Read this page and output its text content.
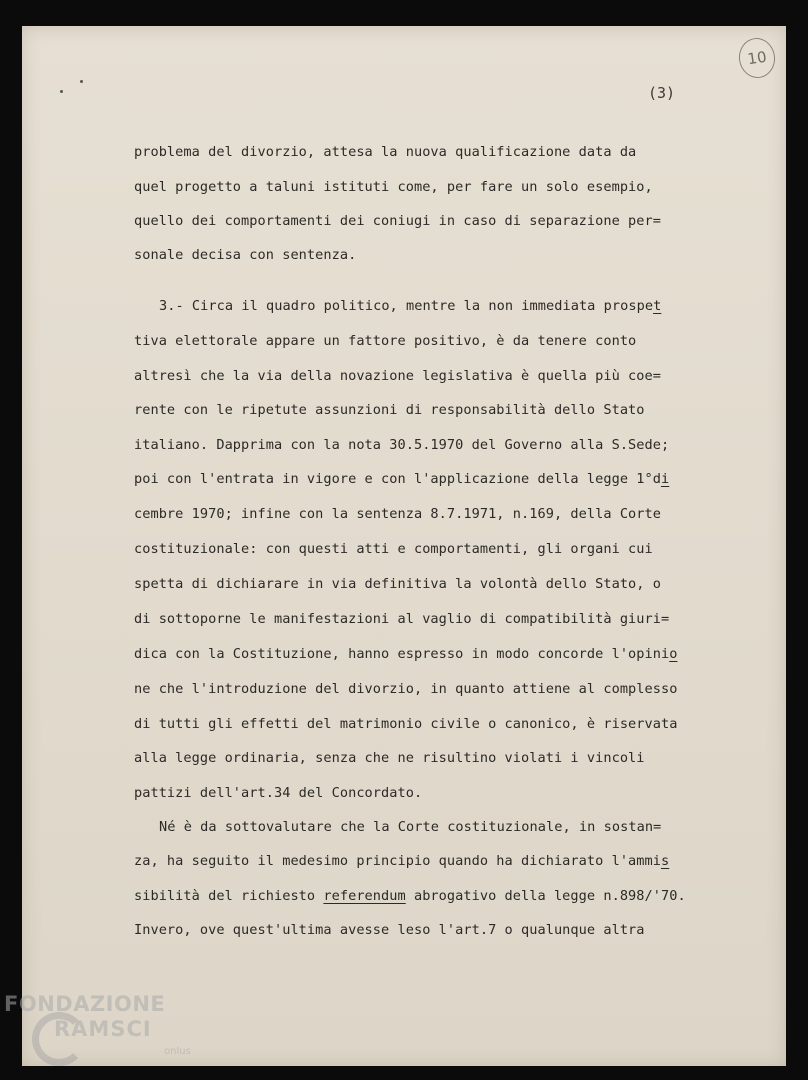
10
(3)
problema del divorzio, attesa la nuova qualificazione data da
quel progetto a taluni istituti come, per fare un solo esempio,
quello dei comportamenti dei coniugi in caso di separazione per=
sonale decisa con sentenza.
3.- Circa il quadro politico, mentre la non immediata prospet
tiva elettorale appare un fattore positivo, è da tenere conto
altresì che la via della novazione legislativa è quella più coe=
rente con le ripetute assunzioni di responsabilità dello Stato
italiano. Dapprima con la nota 30.5.1970 del Governo alla S.Sede;
poi con l'entrata in vigore e con l'applicazione della legge 1°di
cembre 1970; infine con la sentenza 8.7.1971, n.169, della Corte
costituzionale: con questi atti e comportamenti, gli organi cui
spetta di dichiarare in via definitiva la volontà dello Stato, o
di sottoporne le manifestazioni al vaglio di compatibilità giuri=
dica con la Costituzione, hanno espresso in modo concorde l'opinio
ne che l'introduzione del divorzio, in quanto attiene al complesso
di tutti gli effetti del matrimonio civile o canonico, è riservata
alla legge ordinaria, senza che ne risultino violati i vincoli
pattizi dell'art.34 del Concordato.
Né è da sottovalutare che la Corte costituzionale, in sostan=
za, ha seguito il medesimo principio quando ha dichiarato l'ammis
sibilità del richiesto referendum abrogativo della legge n.898/'70.
Invero, ove quest'ultima avesse leso l'art.7 o qualunque altra
FONDAZIONE
RAMSCI
onlus
